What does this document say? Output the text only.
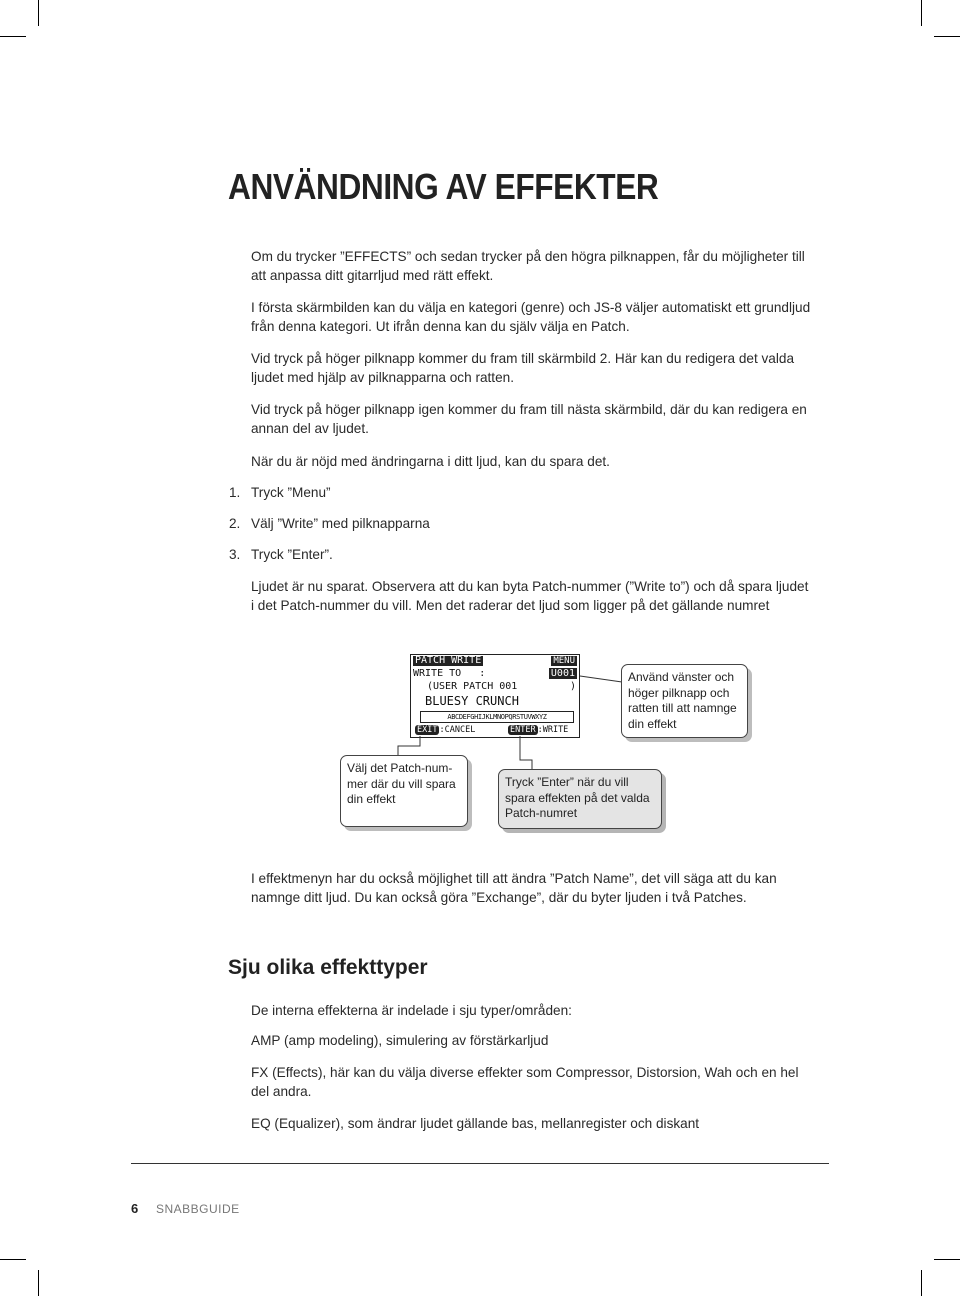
ANVÄNDNING AV EFFEKTER

Om du trycker ”EFFECTS” och sedan trycker på den högra pilknappen, får du möjligheter till att anpassa ditt gitarrljud med rätt effekt.

I första skärmbilden kan du välja en kategori (genre) och JS-8 väljer automatiskt ett grundljud från denna kategori. Ut ifrån denna kan du själv välja en Patch.

Vid tryck på höger pilknapp kommer du fram till skärmbild 2. Här kan du redigera det valda ljudet med hjälp av pilknapparna och ratten.

Vid tryck på höger pilknapp igen kommer du fram till nästa skärmbild, där du kan redigera en annan del av ljudet.

När du är nöjd med ändringarna i ditt ljud, kan du spara det.

1. Tryck ”Menu”
2. Välj ”Write” med pilknapparna
3. Tryck ”Enter”.

Ljudet är nu sparat. Observera att du kan byta Patch-nummer (”Write to”) och då spara ljudet i det Patch-nummer du vill. Men det raderar det ljud som ligger på det gällande numret

PATCH WRITE	MENU
WRITE TO   :	U001
(USER PATCH 001	)
BLUESY CRUNCH
ABCDEFGHIJKLMNOPQRSTUVWXYZ
EXIT :CANCEL	ENTER :WRITE
Använd vänster och höger pilknapp och ratten till att namnge din effekt
Välj det Patch-num-mer där du vill spara din effekt
Tryck ”Enter” när du vill spara effekten på det valda Patch-numret

I effektmenyn har du också möjlighet till att ändra ”Patch Name”, det vill säga att du kan namnge ditt ljud. Du kan också göra ”Exchange”, där du byter ljuden i två Patches.

Sju olika effekttyper

De interna effekterna är indelade i sju typer/områden:

AMP (amp modeling), simulering av förstärkarljud

FX (Effects), här kan du välja diverse effekter som Compressor, Distorsion, Wah och en hel del andra.

EQ (Equalizer), som ändrar ljudet gällande bas, mellanregister och diskant

6 SNABBGUIDE
